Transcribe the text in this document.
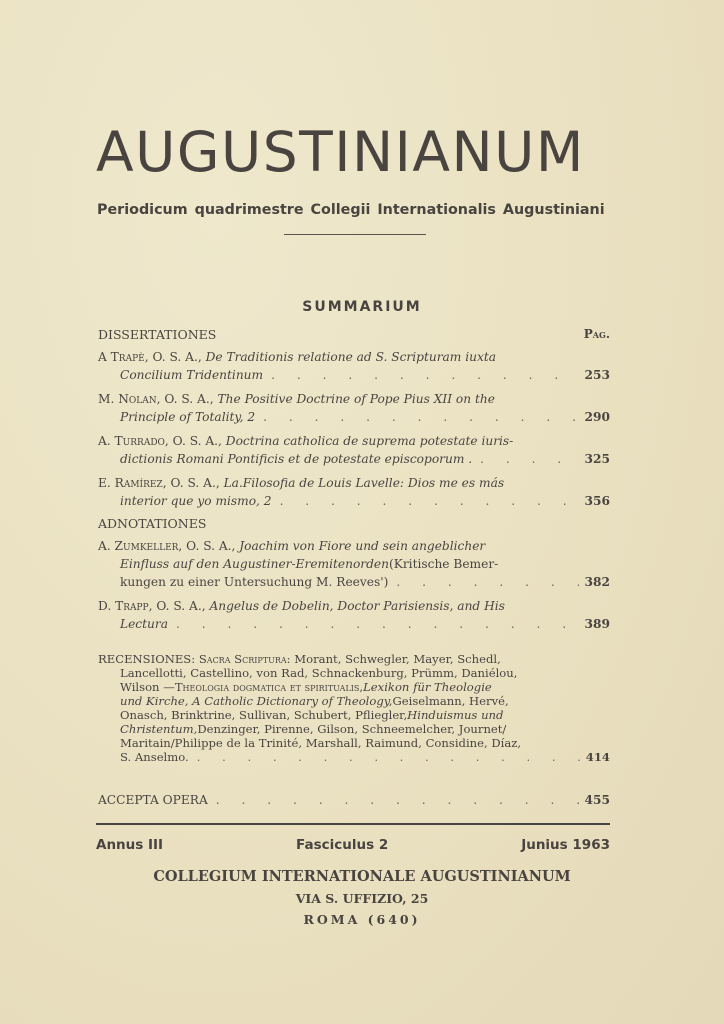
AUGUSTINIANUM
Periodicum quadrimestre Collegii Internationalis Augustiniani
SUMMARIUM
DISSERTATIONES	Pag.
A Trapè , O. S. A.,
De Traditionis relatione ad S. Scripturam iuxta
Concilium Tridentinum . . .	253
M. Nolan , O. S. A.,
The Positive Doctrine of Pope Pius XII on the
Principle of Totality, 2 . . .	290
A. Turrado , O. S. A.,
Doctrina catholica de suprema potestate iuris-
dictionis Romani Pontificis et de potestate episcoporum . . . .	325
E. Ramírez , O. S. A.,
La.Filosofia de Louis Lavelle: Dios me es más
interior que yo mismo, 2 . . .	356
ADNOTATIONES
A. Zumkeller , O. S. A.,
Joachim von Fiore und sein angeblicher
Einfluss auf den Augustiner-Eremitenorden (Kritische Bemer-
kungen zu einer Untersuchung M. Reeves') . . .	382
D. Trapp , O. S. A.,
Angelus de Dobelin, Doctor Parisiensis, and His
Lectura . . .	389
RECENSIONES:
Sacra Scriptura:
Morant, Schwegler, Mayer, Schedl,
Lancellotti, Castellino, von Rad, Schnackenburg, Prümm, Daniélou,
Wilson — Theologia dogmatica et spiritualis, Lexikon für Theologie
und Kirche, A Catholic Dictionary of Theology, Geiselmann, Hervé,
Onasch, Brinktrine, Sullivan, Schubert, Pfliegler, Hinduismus und
Christentum, Denzinger, Pirenne, Gilson, Schneemelcher, Journet/
Maritain/Philippe de la Trinité, Marshall, Raimund, Considine, Díaz,
S. Anselmo. . . .	414
ACCEPTA OPERA . . .	455
Annus III	Fasciculus 2	Junius 1963
COLLEGIUM INTERNATIONALE AUGUSTINIANUM
VIA S. UFFIZIO, 25
ROMA (640)
